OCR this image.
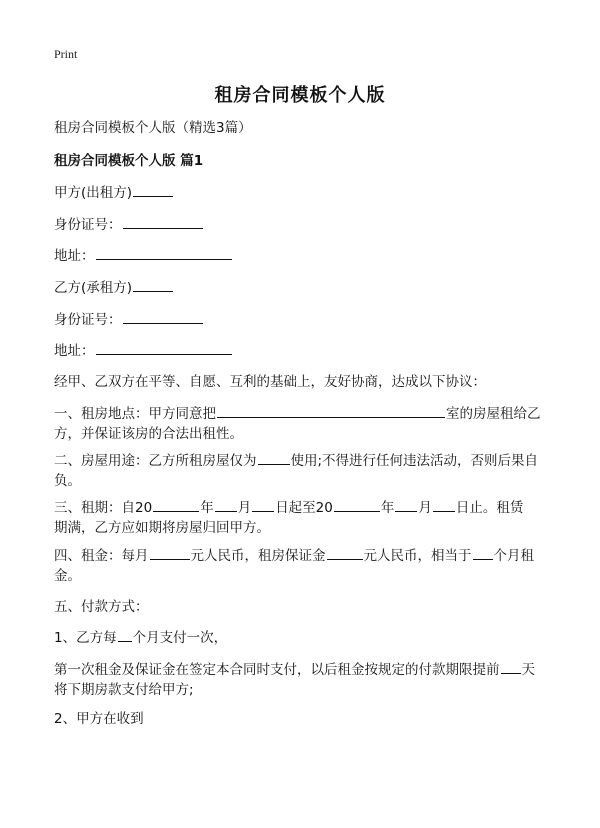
Print
租房合同模板个人版
租房合同模板个人版（精选3篇）
租房合同模板个人版 篇1
甲方(出租方)
身份证号：
地址：
乙方(承租方)
身份证号：
地址：
经甲、乙双方在平等、自愿、互利的基础上，友好协商，达成以下协议：
一、租房地点：甲方同意把	室的房屋租给乙
方，并保证该房的合法出租性。
二、房屋用途：乙方所租房屋仅为	使用;不得进行任何违法活动，否则后果自
负。
三、租期：自20	年 月 日起至20	年 月 日止。租赁
期满，乙方应如期将房屋归回甲方。
四、租金：每月	元人民币，租房保证金	元人民币，相当于 个月租
金。
五、付款方式：
1、乙方每 个月支付一次，
第一次租金及保证金在签定本合同时支付，以后租金按规定的付款期限提前 天
将下期房款支付给甲方;
2、甲方在收到
